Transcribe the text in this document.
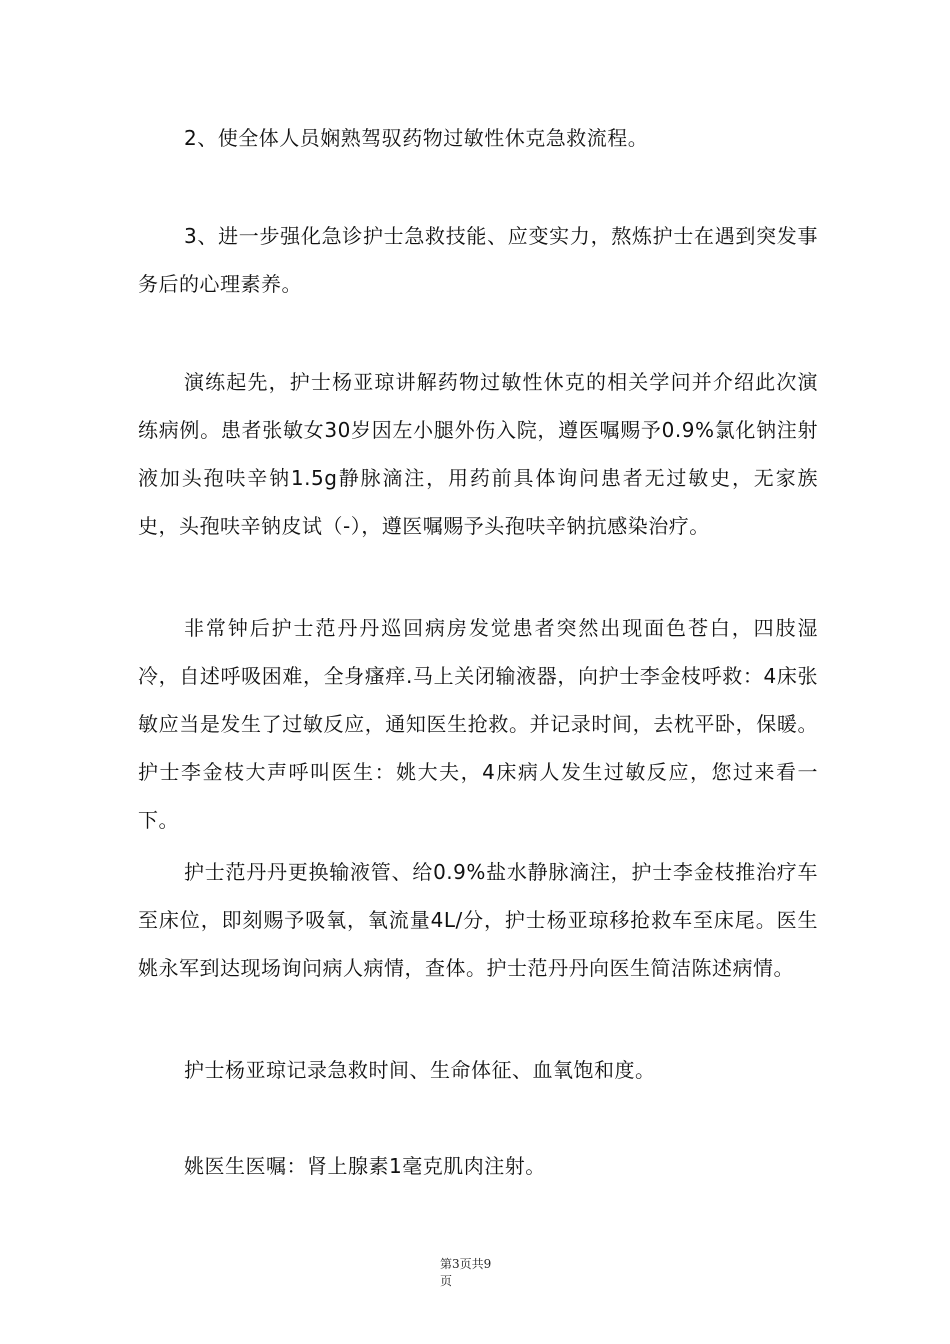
2、使全体人员娴熟驾驭药物过敏性休克急救流程。

3、进一步强化急诊护士急救技能、应变实力，熬炼护士在遇到突发事务后的心理素养。

演练起先，护士杨亚琼讲解药物过敏性休克的相关学问并介绍此次演练病例。患者张敏女30岁因左小腿外伤入院，遵医嘱赐予0.9%氯化钠注射液加头孢呋辛钠1.5g静脉滴注，用药前具体询问患者无过敏史，无家族史，头孢呋辛钠皮试（-），遵医嘱赐予头孢呋辛钠抗感染治疗。

非常钟后护士范丹丹巡回病房发觉患者突然出现面色苍白，四肢湿冷，自述呼吸困难，全身瘙痒.马上关闭输液器，向护士李金枝呼救：4床张敏应当是发生了过敏反应，通知医生抢救。并记录时间，去枕平卧，保暖。护士李金枝大声呼叫医生：姚大夫，4床病人发生过敏反应，您过来看一下。

护士范丹丹更换输液管、给0.9%盐水静脉滴注，护士李金枝推治疗车至床位，即刻赐予吸氧，氧流量4L/分，护士杨亚琼移抢救车至床尾。医生姚永军到达现场询问病人病情，查体。护士范丹丹向医生简洁陈述病情。

护士杨亚琼记录急救时间、生命体征、血氧饱和度。

姚医生医嘱：肾上腺素1毫克肌肉注射。

第3页共9
页
